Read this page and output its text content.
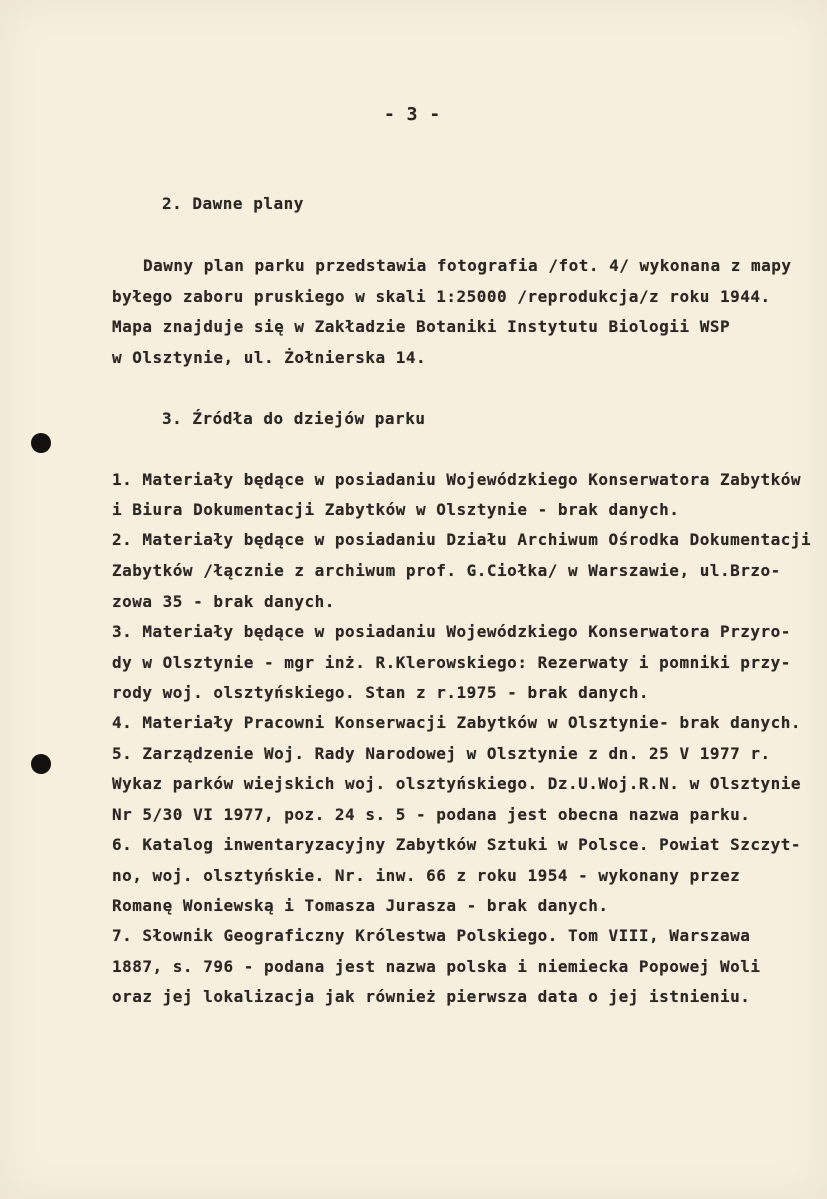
- 3 -
2. Dawne plany
Dawny plan parku przedstawia fotografia /fot. 4/ wykonana z mapy
byłego zaboru pruskiego w skali 1:25000 /reprodukcja/z roku 1944.
Mapa znajduje się w Zakładzie Botaniki Instytutu Biologii WSP
w Olsztynie, ul. Żołnierska 14.
3. Źródła do dziejów parku
1. Materiały będące w posiadaniu Wojewódzkiego Konserwatora Zabytków
i Biura Dokumentacji Zabytków w Olsztynie - brak danych.
2. Materiały będące w posiadaniu Działu Archiwum Ośrodka Dokumentacji
Zabytków /łącznie z archiwum prof. G.Ciołka/ w Warszawie, ul.Brzo-
zowa 35 - brak danych.
3. Materiały będące w posiadaniu Wojewódzkiego Konserwatora Przyro-
dy w Olsztynie - mgr inż. R.Klerowskiego: Rezerwaty i pomniki przy-
rody woj. olsztyńskiego. Stan z r.1975 - brak danych.
4. Materiały Pracowni Konserwacji Zabytków w Olsztynie- brak danych.
5. Zarządzenie Woj. Rady Narodowej w Olsztynie z dn. 25 V 1977 r.
Wykaz parków wiejskich woj. olsztyńskiego. Dz.U.Woj.R.N. w Olsztynie
Nr 5/30 VI 1977, poz. 24 s. 5 - podana jest obecna nazwa parku.
6. Katalog inwentaryzacyjny Zabytków Sztuki w Polsce. Powiat Szczyt-
no, woj. olsztyńskie. Nr. inw. 66 z roku 1954 - wykonany przez
Romanę Woniewską i Tomasza Jurasza - brak danych.
7. Słownik Geograficzny Królestwa Polskiego. Tom VIII, Warszawa
1887, s. 796 - podana jest nazwa polska i niemiecka Popowej Woli
oraz jej lokalizacja jak również pierwsza data o jej istnieniu.
